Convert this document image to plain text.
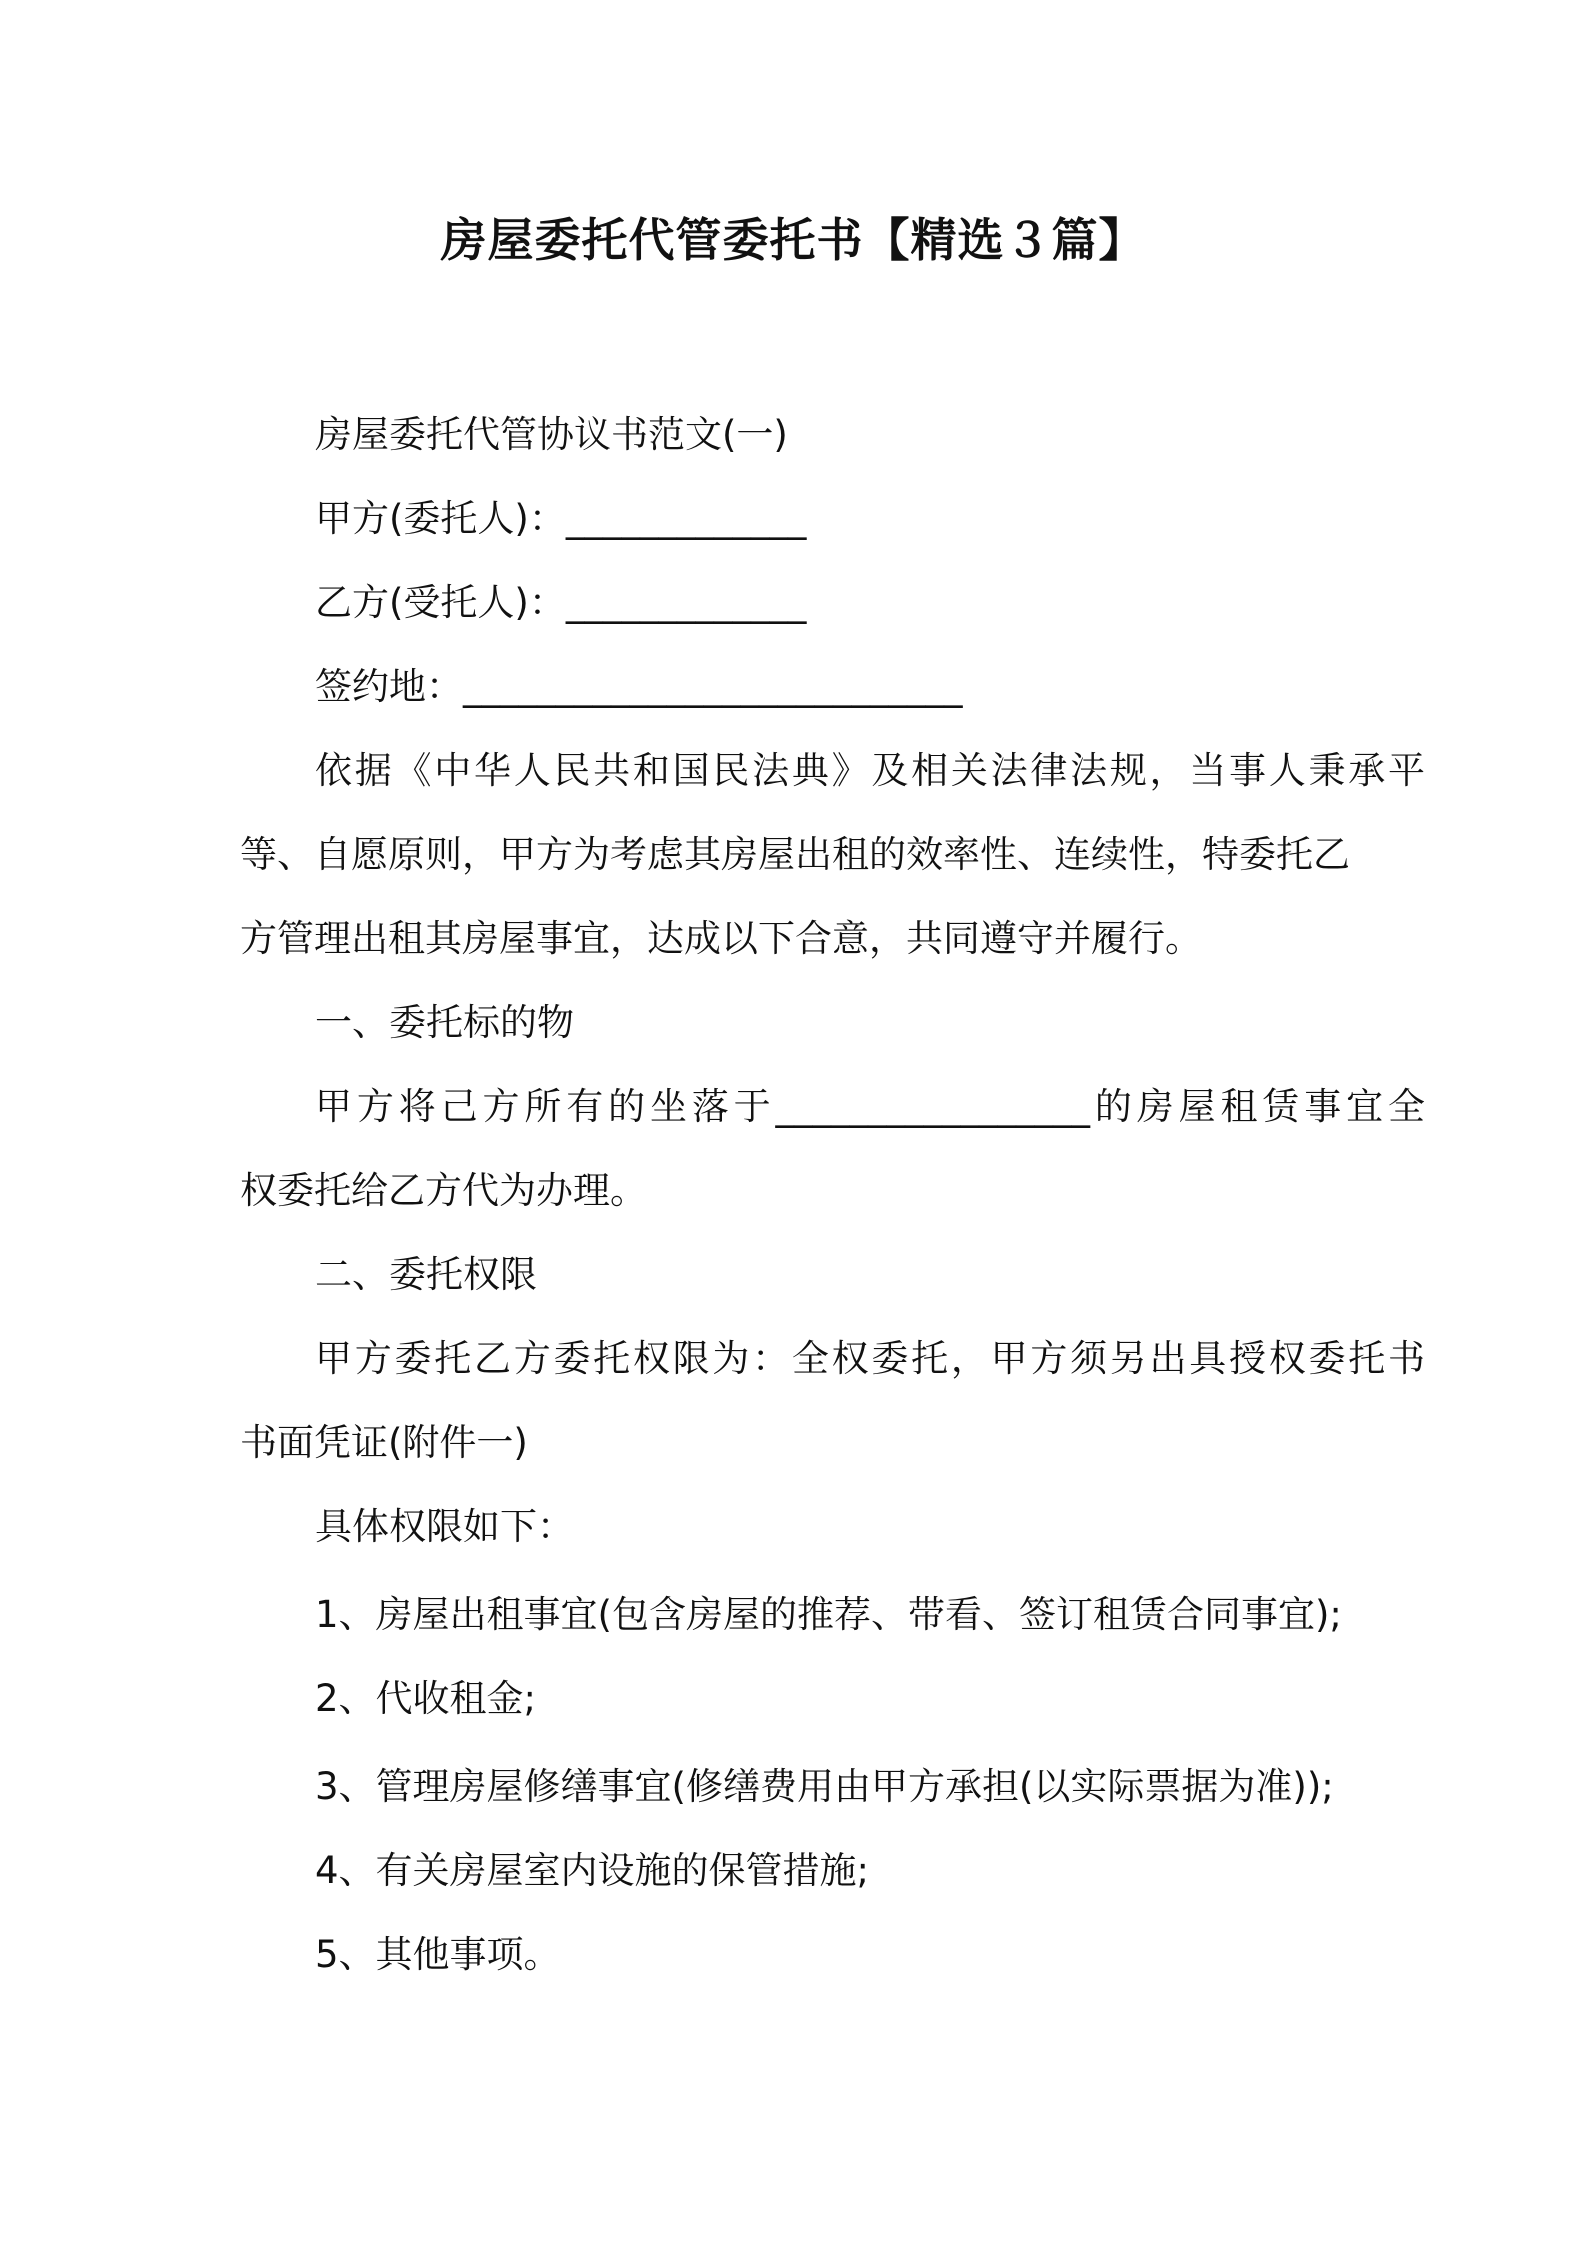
房屋委托代管委托书【精选３篇】
房屋委托代管协议书范文(一)
甲方(委托人)：_____________
乙方(受托人)：_____________
签约地：___________________________
依据《中华人民共和国民法典》及相关法律法规，当事人秉承平
等、自愿原则，甲方为考虑其房屋出租的效率性、连续性，特委托乙
方管理出租其房屋事宜，达成以下合意，共同遵守并履行。
一、委托标的物
甲方将己方所有的坐落于_________________的房屋租赁事宜全
权委托给乙方代为办理。
二、委托权限
甲方委托乙方委托权限为：全权委托，甲方须另出具授权委托书
书面凭证(附件一)
具体权限如下：
1、房屋出租事宜(包含房屋的推荐、带看、签订租赁合同事宜);
2、代收租金;
3、管理房屋修缮事宜(修缮费用由甲方承担(以实际票据为准));
4、有关房屋室内设施的保管措施;
5、其他事项。
